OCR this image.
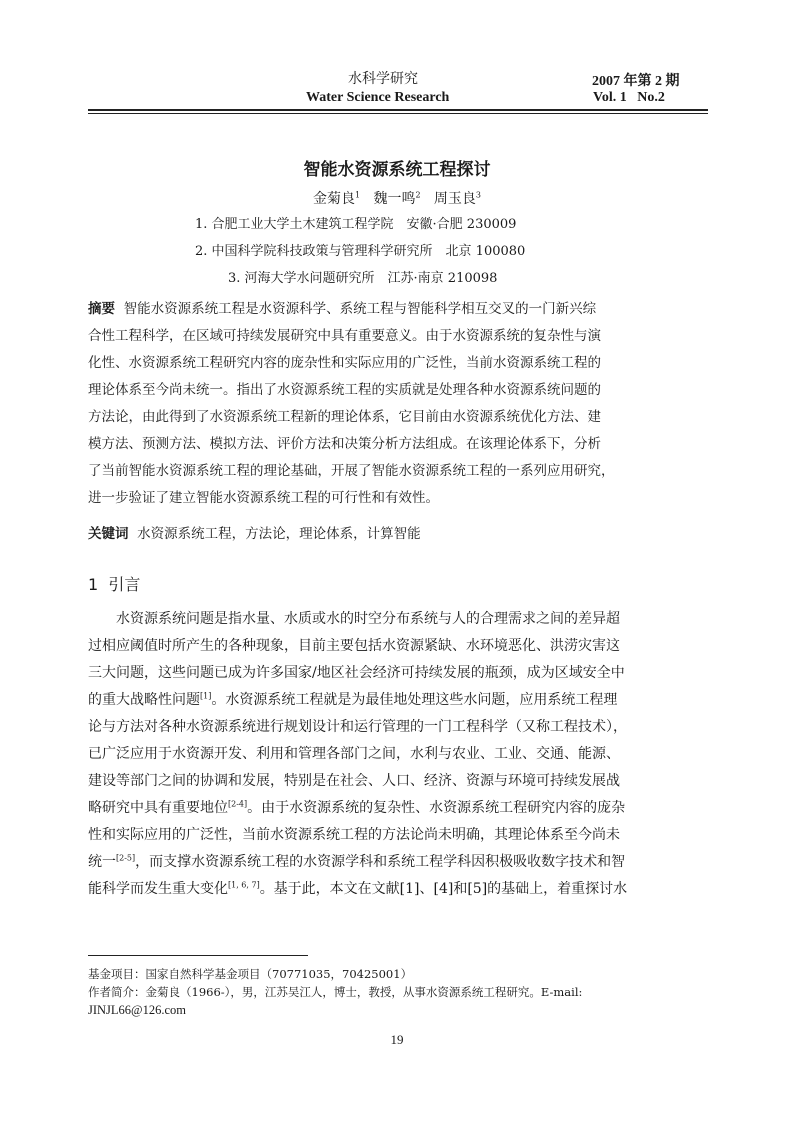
水科学研究	2007 年第 2 期
Water Science Research	Vol. 1   No.2
智能水资源系统工程探讨
金菊良$^1$ 魏一鸣$^2$ 周玉良$^3$
1. 合肥工业大学土木建筑工程学院　安徽·合肥 230009
2. 中国科学院科技政策与管理科学研究所　北京 100080
3. 河海大学水问题研究所　江苏·南京 210098
摘要 智能水资源系统工程是水资源科学、系统工程与智能科学相互交叉的一门新兴综
合性工程科学，在区域可持续发展研究中具有重要意义。由于水资源系统的复杂性与演
化性、水资源系统工程研究内容的庞杂性和实际应用的广泛性，当前水资源系统工程的
理论体系至今尚未统一。指出了水资源系统工程的实质就是处理各种水资源系统问题的
方法论，由此得到了水资源系统工程新的理论体系，它目前由水资源系统优化方法、建
模方法、预测方法、模拟方法、评价方法和决策分析方法组成。在该理论体系下，分析
了当前智能水资源系统工程的理论基础，开展了智能水资源系统工程的一系列应用研究，
进一步验证了建立智能水资源系统工程的可行性和有效性。
关键词 水资源系统工程，方法论，理论体系，计算智能
1  引言
　　水资源系统问题是指水量、水质或水的时空分布系统与人的合理需求之间的差异超
过相应阈值时所产生的各种现象，目前主要包括水资源紧缺、水环境恶化、洪涝灾害这
三大问题，这些问题已成为许多国家/地区社会经济可持续发展的瓶颈，成为区域安全中
的重大战略性问题[1]。水资源系统工程就是为最佳地处理这些水问题，应用系统工程理
论与方法对各种水资源系统进行规划设计和运行管理的一门工程科学（又称工程技术），
已广泛应用于水资源开发、利用和管理各部门之间，水利与农业、工业、交通、能源、
建设等部门之间的协调和发展，特别是在社会、人口、经济、资源与环境可持续发展战
略研究中具有重要地位[2-4]。由于水资源系统的复杂性、水资源系统工程研究内容的庞杂
性和实际应用的广泛性，当前水资源系统工程的方法论尚未明确，其理论体系至今尚未
统一[2-5]，而支撑水资源系统工程的水资源学科和系统工程学科因积极吸收数字技术和智
能科学而发生重大变化[1, 6, 7]。基于此，本文在文献[1]、[4]和[5]的基础上，着重探讨水
基金项目：国家自然科学基金项目（70771035，70425001）
作者简介：金菊良（1966-），男，江苏吴江人，博士，教授，从事水资源系统工程研究。E-mail:
JINJL66@126.com
19
